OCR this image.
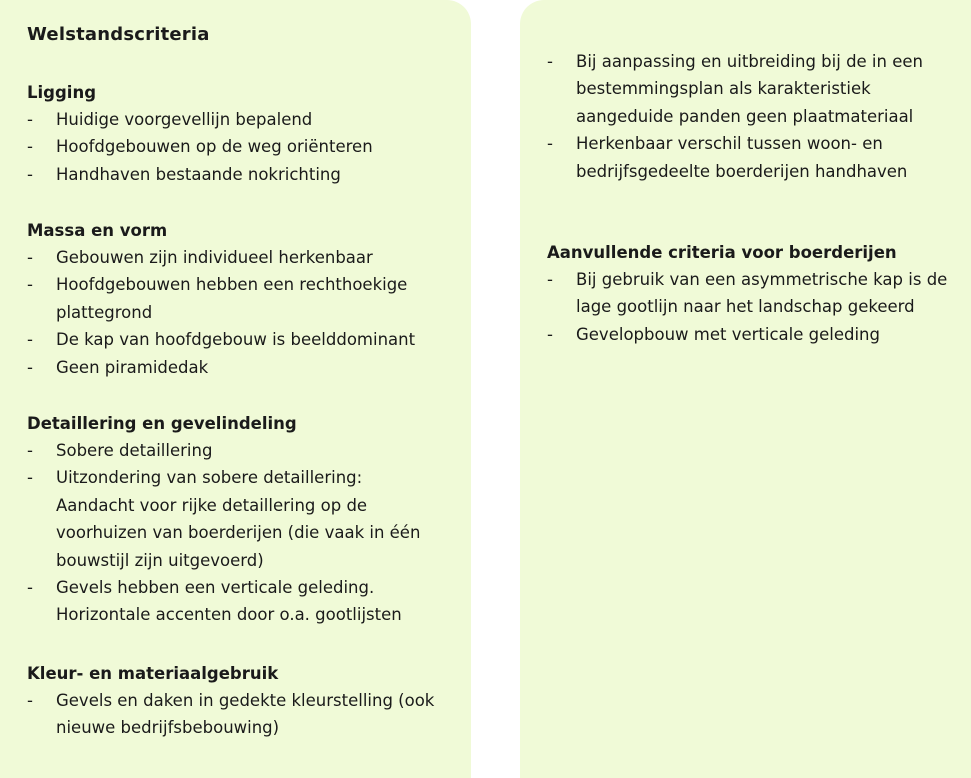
Welstandscriteria
Ligging
- Huidige voorgevellijn bepalend
- Hoofdgebouwen op de weg oriënteren
- Handhaven bestaande nokrichting
Massa en vorm
- Gebouwen zijn individueel herkenbaar
- Hoofdgebouwen hebben een rechthoekige plattegrond
- De kap van hoofdgebouw is beelddominant
- Geen piramidedak
Detaillering en gevelindeling
- Sobere detaillering
- Uitzondering van sobere detaillering: Aandacht voor rijke detaillering op de voorhuizen van boerderijen (die vaak in één bouwstijl zijn uitgevoerd)
- Gevels hebben een verticale geleding. Horizontale accenten door o.a. gootlijsten
Kleur- en materiaalgebruik
- Gevels en daken in gedekte kleurstelling (ook nieuwe bedrijfsbebouwing)
- Bij aanpassing en uitbreiding bij de in een bestemmingsplan als karakteristiek aangeduide panden geen plaatmateriaal
- Herkenbaar verschil tussen woon- en bedrijfsgedeelte boerderijen handhaven
Aanvullende criteria voor boerderijen
- Bij gebruik van een asymmetrische kap is de lage gootlijn naar het landschap gekeerd
- Gevelopbouw met verticale geleding
